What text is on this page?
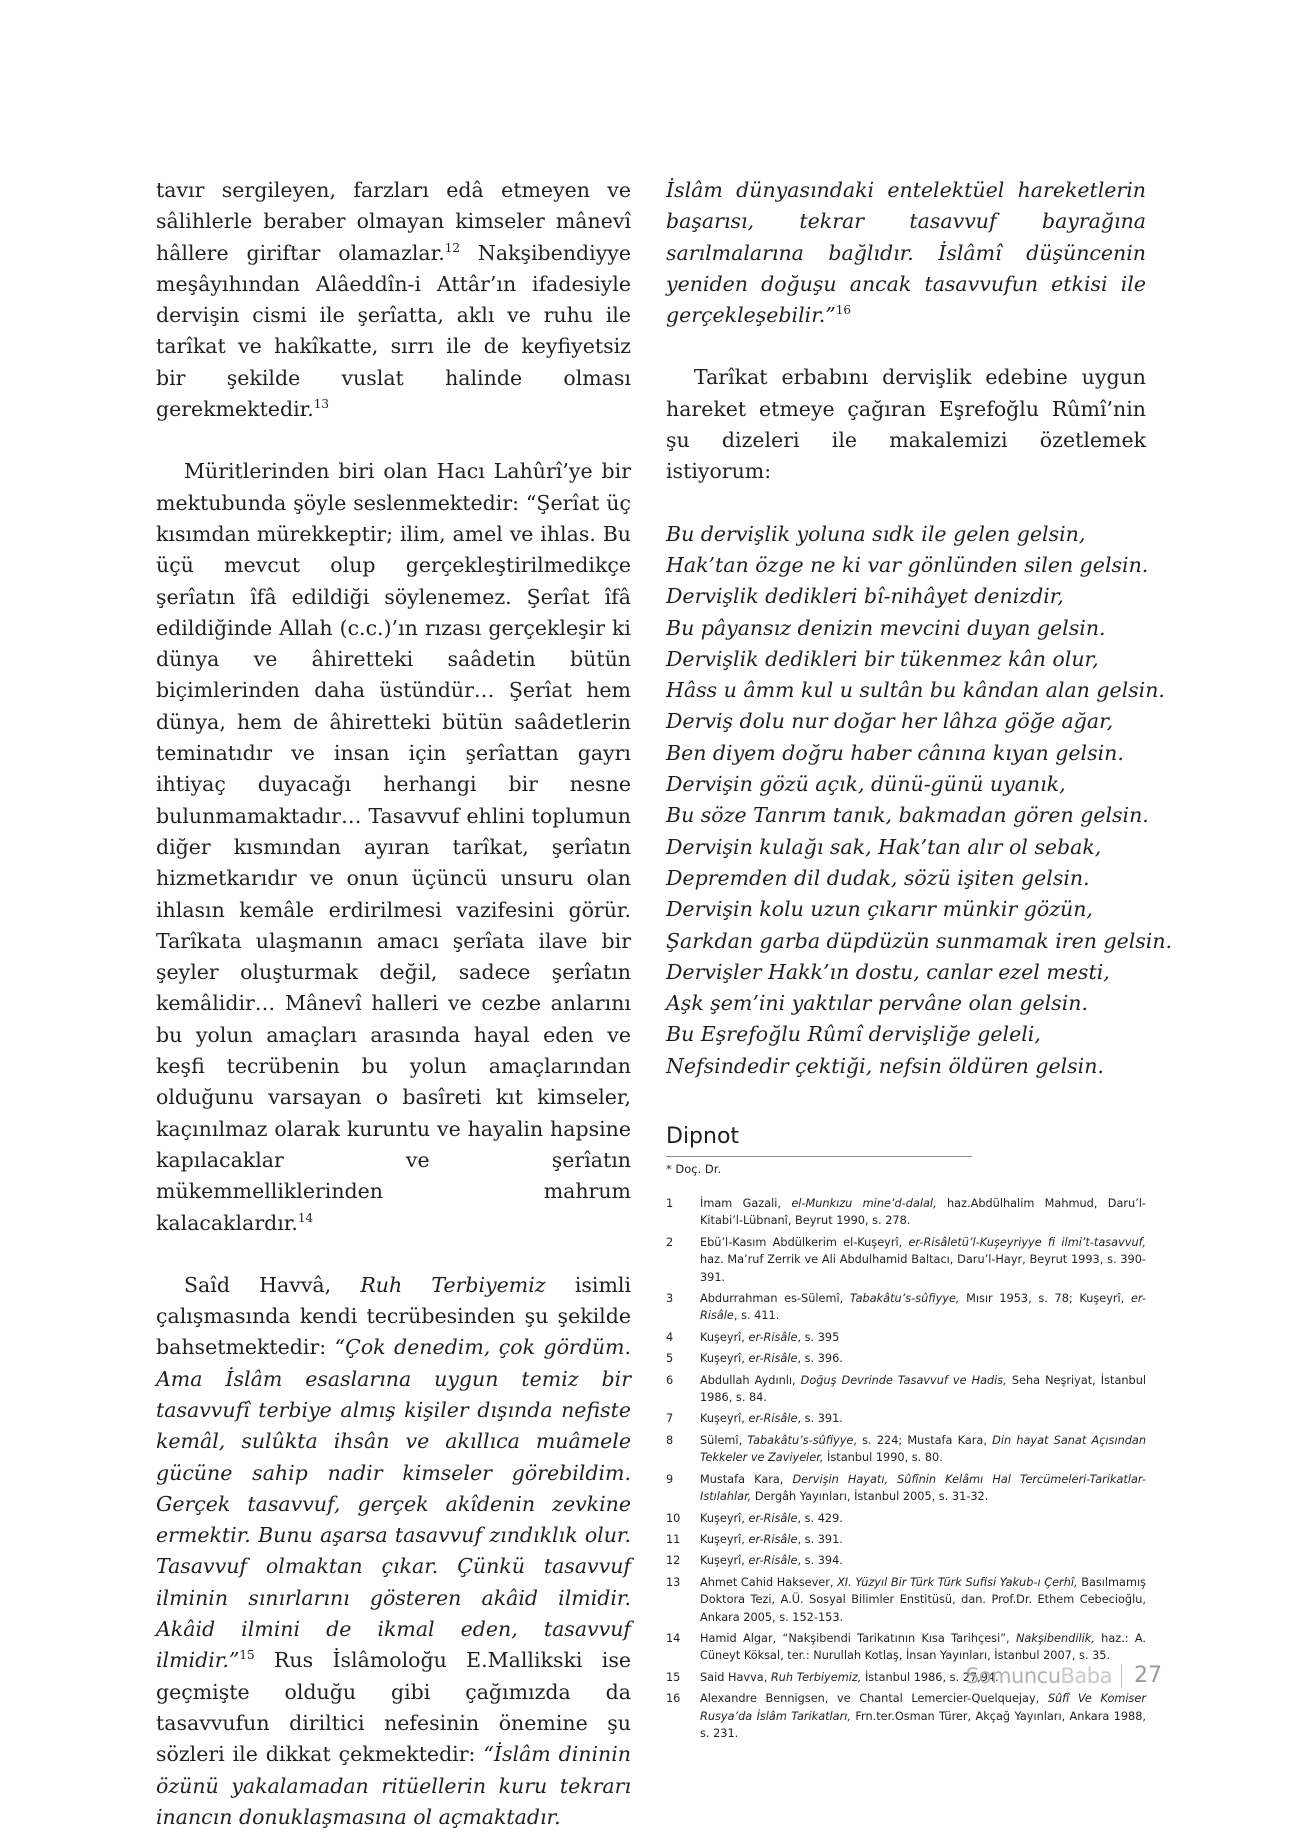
tavır sergileyen, farzları edâ etmeyen ve sâlihlerle beraber olmayan kimseler mânevî hâllere giriftar olamazlar.$^{12}$ Nakşibendiyye meşâyıhından Alâeddîn-i Attâr’ın ifadesiyle dervişin cismi ile şerîatta, aklı ve ruhu ile tarîkat ve hakîkatte, sırrı ile de keyfiyetsiz bir şekilde vuslat halinde olması gerekmektedir.$^{13}$

Müritlerinden biri olan Hacı Lahûrî’ye bir mektubunda şöyle seslenmektedir: “Şerîat üç kısımdan mürekkeptir; ilim, amel ve ihlas. Bu üçü mevcut olup gerçekleştirilmedikçe şerîatın îfâ edildiği söylenemez. Şerîat îfâ edildiğinde Allah (c.c.)’ın rızası gerçekleşir ki dünya ve âhiretteki saâdetin bütün biçimlerinden daha üstündür… Şerîat hem dünya, hem de âhiretteki bütün saâdetlerin teminatıdır ve insan için şerîattan gayrı ihtiyaç duyacağı herhangi bir nesne bulunmamaktadır… Tasavvuf ehlini toplumun diğer kısmından ayıran tarîkat, şerîatın hizmetkarıdır ve onun üçüncü unsuru olan ihlasın kemâle erdirilmesi vazifesini görür. Tarîkata ulaşmanın amacı şerîata ilave bir şeyler oluşturmak değil, sadece şerîatın kemâlidir… Mânevî halleri ve cezbe anlarını bu yolun amaçları arasında hayal eden ve keşfi tecrübenin bu yolun amaçlarından olduğunu varsayan o basîreti kıt kimseler, kaçınılmaz olarak kuruntu ve hayalin hapsine kapılacaklar ve şerîatın mükemmelliklerinden mahrum kalacaklardır.$^{14}$

Saîd Havvâ, Ruh Terbiyemiz isimli çalışmasında kendi tecrübesinden şu şekilde bahsetmektedir: “Çok denedim, çok gördüm. Ama İslâm esaslarına uygun temiz bir tasavvufî terbiye almış kişiler dışında nefiste kemâl, sulûkta ihsân ve akıllıca muâmele gücüne sahip nadir kimseler görebildim. Gerçek tasavvuf, gerçek akîdenin zevkine ermektir. Bunu aşarsa tasavvuf zındıklık olur. Tasavvuf olmaktan çıkar. Çünkü tasavvuf ilminin sınırlarını gösteren akâid ilmidir. Akâid ilmini de ikmal eden, tasavvuf ilmidir.”$^{15}$ Rus İslâmoloğu E.Mallikski ise geçmişte olduğu gibi çağımızda da tasavvufun diriltici nefesinin önemine şu sözleri ile dikkat çekmektedir: “İslâm dininin özünü yakalamadan ritüellerin kuru tekrarı inancın donuklaşmasına ol açmaktadır.

İslâm dünyasındaki entelektüel hareketlerin başarısı, tekrar tasavvuf bayrağına sarılmalarına bağlıdır. İslâmî düşüncenin yeniden doğuşu ancak tasavvufun etkisi ile gerçekleşebilir.”$^{16}$

Tarîkat erbabını dervişlik edebine uygun hareket etmeye çağıran Eşrefoğlu Rûmî’nin şu dizeleri ile makalemizi özetlemek istiyorum:

Bu dervişlik yoluna sıdk ile gelen gelsin,
Hak’tan özge ne ki var gönlünden silen gelsin.
Dervişlik dedikleri bî-nihâyet denizdir,
Bu pâyansız denizin mevcini duyan gelsin.
Dervişlik dedikleri bir tükenmez kân olur,
Hâss u âmm kul u sultân bu kândan alan gelsin.
Derviş dolu nur doğar her lâhza göğe ağar,
Ben diyem doğru haber cânına kıyan gelsin.
Dervişin gözü açık, dünü-günü uyanık,
Bu söze Tanrım tanık, bakmadan gören gelsin.
Dervişin kulağı sak, Hak’tan alır ol sebak,
Depremden dil dudak, sözü işiten gelsin.
Dervişin kolu uzun çıkarır münkir gözün,
Şarkdan garba düpdüzün sunmamak iren gelsin.
Dervişler Hakk’ın dostu, canlar ezel mesti,
Aşk şem’ini yaktılar pervâne olan gelsin.
Bu Eşrefoğlu Rûmî dervişliğe geleli,
Nefsindedir çektiği, nefsin öldüren gelsin.
Dipnot
* Doç. Dr.
1	İmam Gazali, el-Munkızu mine’d-dalal, haz.Abdülhalim Mahmud, Daru’l-Kitabi’l-Lübnanî, Beyrut 1990, s. 278.
2	Ebü’l-Kasım Abdülkerim el-Kuşeyrî, er-Risâletü’l-Kuşeyriyye fi ilmi’t-tasavvuf, haz. Ma’ruf Zerrik ve Ali Abdulhamid Baltacı, Daru’l-Hayr, Beyrut 1993, s. 390-391.
3	Abdurrahman es-Sülemî, Tabakâtu’s-sûfiyye, Mısır 1953, s. 78; Kuşeyrî, er-Risâle, s. 411.
4	Kuşeyrî, er-Risâle, s. 395
5	Kuşeyrî, er-Risâle, s. 396.
6	Abdullah Aydınlı, Doğuş Devrinde Tasavvuf ve Hadis, Seha Neşriyat, İstanbul 1986, s. 84.
7	Kuşeyrî, er-Risâle, s. 391.
8	Sülemî, Tabakâtu’s-sûfiyye, s. 224; Mustafa Kara, Din hayat Sanat Açısından Tekkeler ve Zaviyeler, İstanbul 1990, s. 80.
9	Mustafa Kara, Dervişin Hayatı, Sûfînin Kelâmı Hal Tercümeleri-Tarikatlar-Istılahlar, Dergâh Yayınları, İstanbul 2005, s. 31-32.
10	Kuşeyrî, er-Risâle, s. 429.
11	Kuşeyrî, er-Risâle, s. 391.
12	Kuşeyrî, er-Risâle, s. 394.
13	Ahmet Cahid Haksever, XI. Yüzyıl Bir Türk Türk Sufisi Yakub-ı Çerhî, Basılmamış Doktora Tezi, A.Ü. Sosyal Bilimler Enstitüsü, dan. Prof.Dr. Ethem Cebecioğlu, Ankara 2005, s. 152-153.
14	Hamid Algar, “Nakşibendi Tarikatının Kısa Tarihçesi”, Nakşibendilik, haz.: A. Cüneyt Köksal, ter.: Nurullah Kotlaş, İnsan Yayınları, İstanbul 2007, s. 35.
15	Said Havva, Ruh Terbiyemiz, İstanbul 1986, s. 27,94.
16	Alexandre Bennigsen, ve Chantal Lemercier-Quelquejay, Sûfî Ve Komiser Rusya’da İslâm Tarikatları, Frn.ter.Osman Türer, Akçağ Yayınları, Ankara 1988, s. 231.
SomuncuBaba 27
